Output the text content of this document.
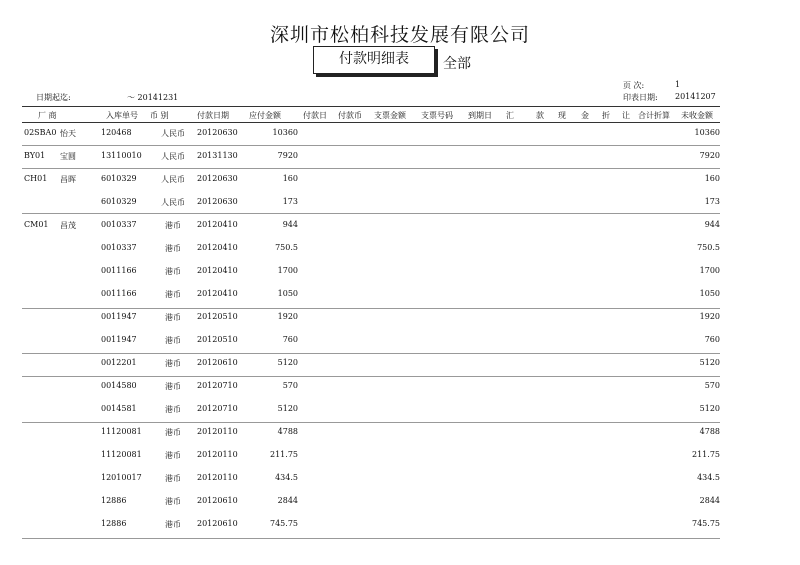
深圳市松柏科技发展有限公司
付款明细表	全部
日期起迄:	～ 20141231
页 次:	1
印表日期: 20141207
厂 商	入库单号 币 别	付款日期	应付金额	付款日 付款币 支票金额 支票号码 到期日 汇	款 现 金 折 让 合计折算 未收金额
02SBA0 怡天	120468	人民币 20120630	10360	10360
BY01 宝圆	13110010 人民币 20131130	7920	7920
CH01 昌晖	6010329	人民币 20120630	160	160
6010329	人民币 20120630	173	173
CM01 昌茂	0010337	港币 20120410	944	944
0010337	港币 20120410	750.5	750.5
0011166	港币 20120410	1700	1700
0011166	港币 20120410	1050	1050
0011947	港币 20120510	1920	1920
0011947	港币 20120510	760	760
0012201	港币 20120610	5120	5120
0014580	港币 20120710	570	570
0014581	港币 20120710	5120	5120
11120081	港币 20120110	4788	4788
11120081	港币 20120110	211.75	211.75
12010017	港币 20120110	434.5	434.5
12886	港币 20120610	2844	2844
12886	港币 20120610	745.75	745.75
